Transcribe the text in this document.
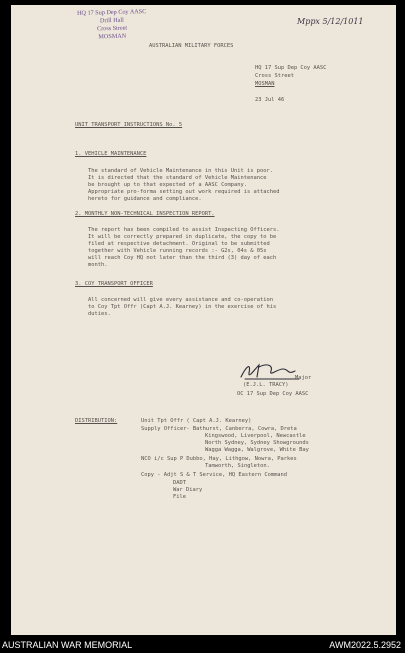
HQ 17 Sup Dep Coy AASC
Drill Hall
Cross Street
MOSMAN
Mppx 5/12/1011
AUSTRALIAN MILITARY FORCES
HQ 17 Sup Dep Coy AASC
Cross Street
MOSMAN
23 Jul 46
UNIT TRANSPORT INSTRUCTIONS No. 5
1. VEHICLE MAINTENANCE
The standard of Vehicle Maintenance in this Unit is poor.
It is directed that the standard of Vehicle Maintenance
be brought up to that expected of a AASC Company.
Appropriate pro-forma setting out work required is attached
hereto for guidance and compliance.
2. MONTHLY NON-TECHNICAL INSPECTION REPORT.
The report has been compiled to assist Inspecting Officers.
It will be correctly prepared in duplicate, the copy to be
filed at respective detachment. Original to be submitted
together with Vehicle running records :- G2s, 04s & 05s
will reach Coy HQ not later than the third (3) day of each
month.
3. COY TRANSPORT OFFICER
All concerned will give every assistance and co-operation
to Coy Tpt Offr (Capt A.J. Kearney) in the exercise of his
duties.
Major
(E.J.L. TRACY)
OC 17 Sup Dep Coy AASC
DISTRIBUTION:	Unit Tpt Offr ( Capt A.J. Kearney)
Supply Officer- Bathurst, Canberra, Cowra, Dreta
Kingswood, Liverpool, Newcastle
North Sydney, Sydney Showgrounds
Wagga Wagga, Walgrove, White Bay
NCO i/c Sup P Dubbo, Hay, Lithgow, Nowra, Parkes
Tamworth, Singleton.
Copy - Adjt S & T Service, HQ Eastern Command
DADT
War Diary
File
AUSTRALIAN WAR MEMORIAL	AWM2022.5.2952
